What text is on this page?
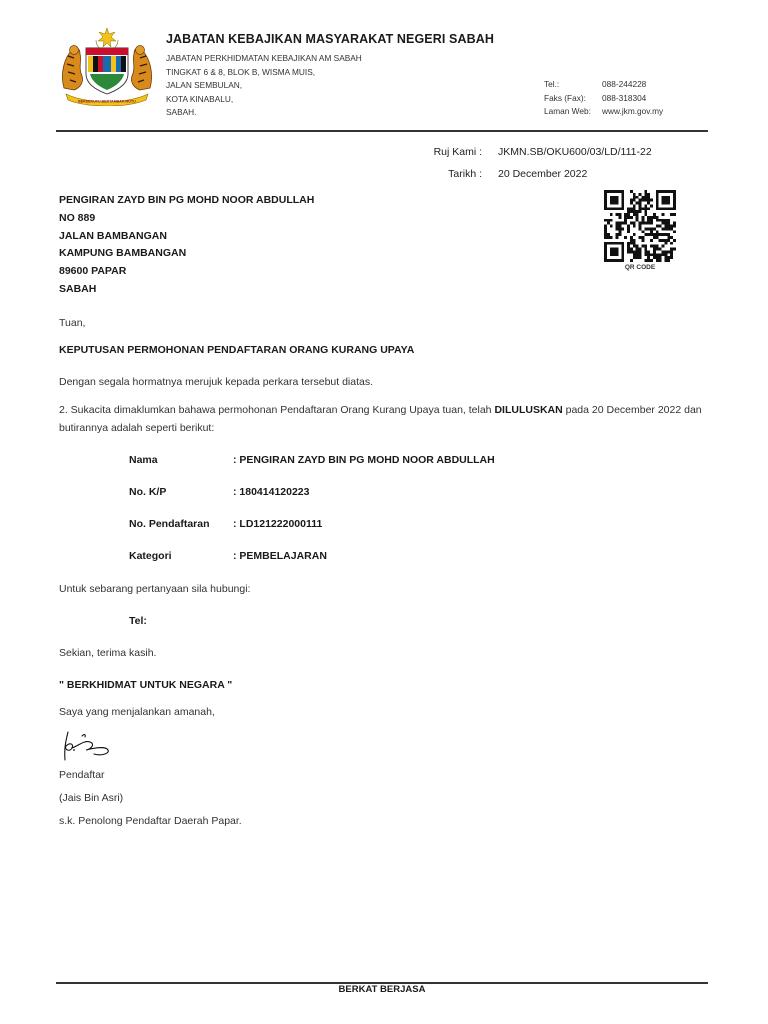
BERSEKUTU BERTAMBAH MUTU
JABATAN KEBAJIKAN MASYARAKAT NEGERI SABAH
JABATAN PERKHIDMATAN KEBAJIKAN AM SABAH
TINGKAT 6 & 8, BLOK B, WISMA MUIS,
JALAN SEMBULAN,
KOTA KINABALU,
SABAH.
Tel.:	088-244228
Faks (Fax):	088-318304
Laman Web:	www.jkm.gov.my
Ruj Kami : JKMN.SB/OKU600/03/LD/111-22
Tarikh : 20 December 2022
QR CODE
PENGIRAN ZAYD BIN PG MOHD NOOR ABDULLAH
NO 889
JALAN BAMBANGAN
KAMPUNG BAMBANGAN
89600 PAPAR
SABAH
Tuan,
KEPUTUSAN PERMOHONAN PENDAFTARAN ORANG KURANG UPAYA
Dengan segala hormatnya merujuk kepada perkara tersebut diatas.
2. Sukacita dimaklumkan bahawa permohonan Pendaftaran Orang Kurang Upaya tuan, telah DILULUSKAN pada 20 December 2022 dan butirannya adalah seperti berikut:
Nama	: PENGIRAN ZAYD BIN PG MOHD NOOR ABDULLAH
No. K/P	: 180414120223
No. Pendaftaran : LD121222000111
Kategori	: PEMBELAJARAN
Untuk sebarang pertanyaan sila hubungi:
Tel:
Sekian, terima kasih.
" BERKHIDMAT UNTUK NEGARA "
Saya yang menjalankan amanah,
Pendaftar
(Jais Bin Asri)
s.k. Penolong Pendaftar Daerah Papar.
BERKAT BERJASA
